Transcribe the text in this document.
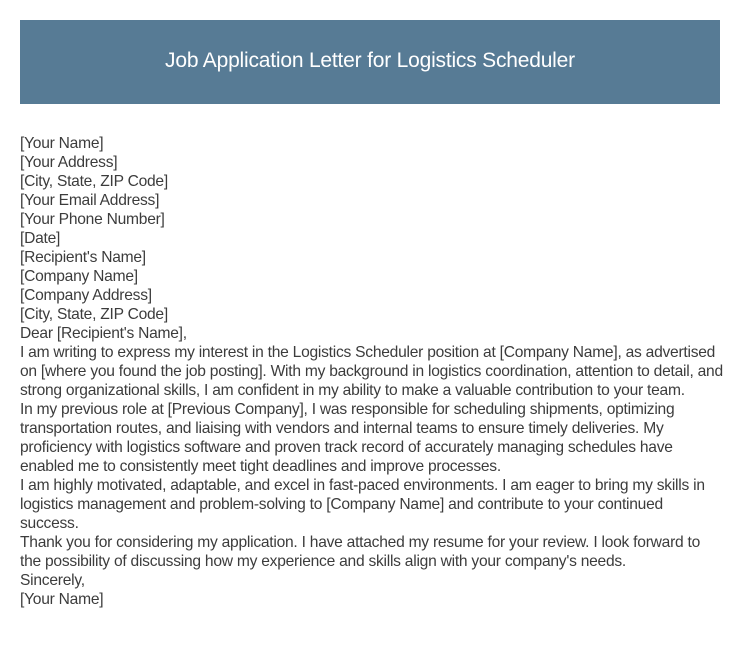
Job Application Letter for Logistics Scheduler
[Your Name]
[Your Address]
[City, State, ZIP Code]
[Your Email Address]
[Your Phone Number]
[Date]
[Recipient's Name]
[Company Name]
[Company Address]
[City, State, ZIP Code]
Dear [Recipient's Name],

I am writing to express my interest in the Logistics Scheduler position at [Company Name], as advertised on [where you found the job posting]. With my background in logistics coordination, attention to detail, and strong organizational skills, I am confident in my ability to make a valuable contribution to your team.

In my previous role at [Previous Company], I was responsible for scheduling shipments, optimizing transportation routes, and liaising with vendors and internal teams to ensure timely deliveries. My proficiency with logistics software and proven track record of accurately managing schedules have enabled me to consistently meet tight deadlines and improve processes.

I am highly motivated, adaptable, and excel in fast-paced environments. I am eager to bring my skills in logistics management and problem-solving to [Company Name] and contribute to your continued success.

Thank you for considering my application. I have attached my resume for your review. I look forward to the possibility of discussing how my experience and skills align with your company's needs.

Sincerely,
[Your Name]
